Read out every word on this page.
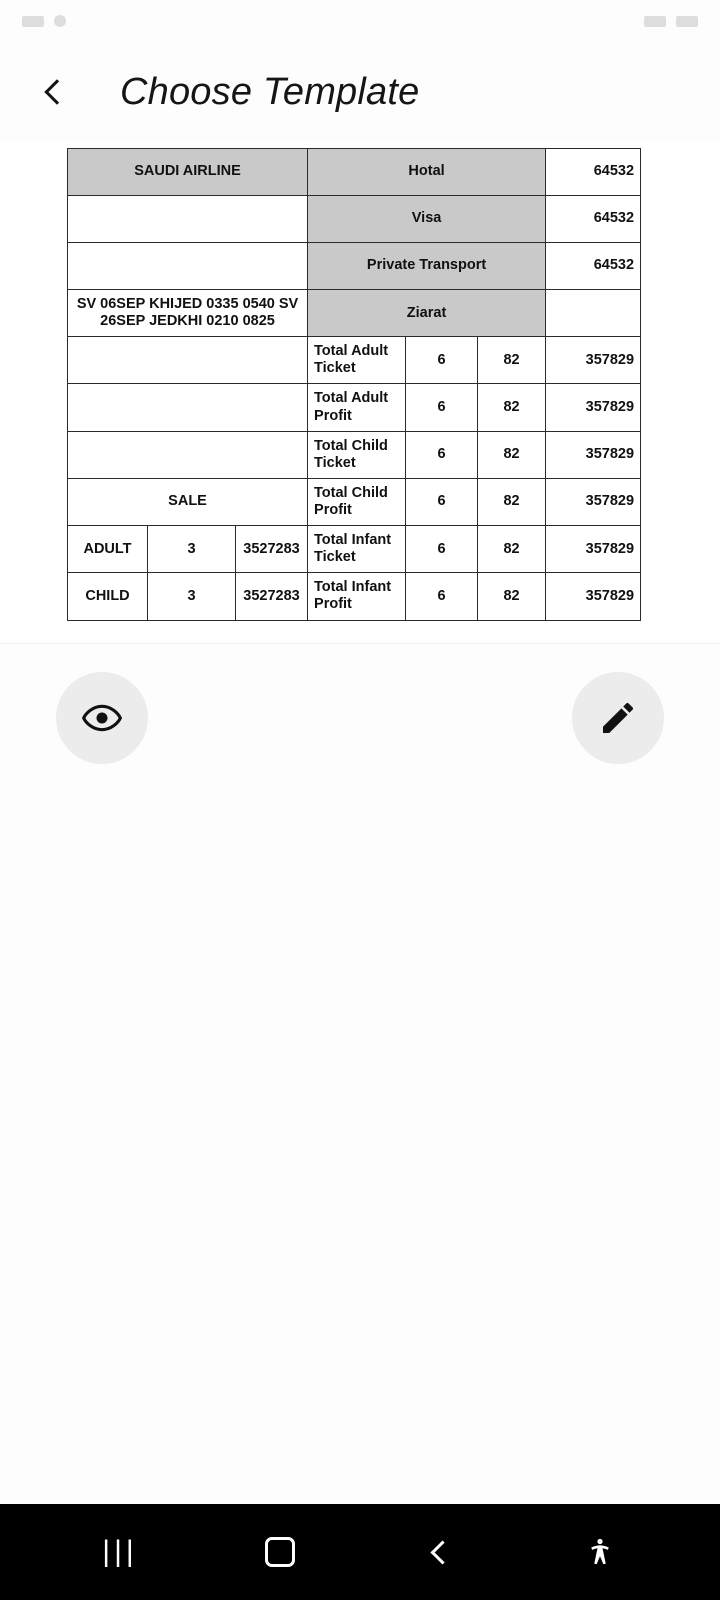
Choose Template
SAUDI AIRLINE			Hotal			64532
			Visa			64532
			Private Transport			64532
SV 06SEP KHIJED 0335 0540 SV 26SEP JEDKHI 0210 0825			Ziarat			
			Total Adult Ticket	6	82	357829
			Total Adult Profit	6	82	357829
			Total Child Ticket	6	82	357829
SALE			Total Child Profit	6	82	357829
ADULT	3	3527283	Total Infant Ticket	6	82	357829
CHILD	3	3527283	Total Infant Profit	6	82	357829
|||
